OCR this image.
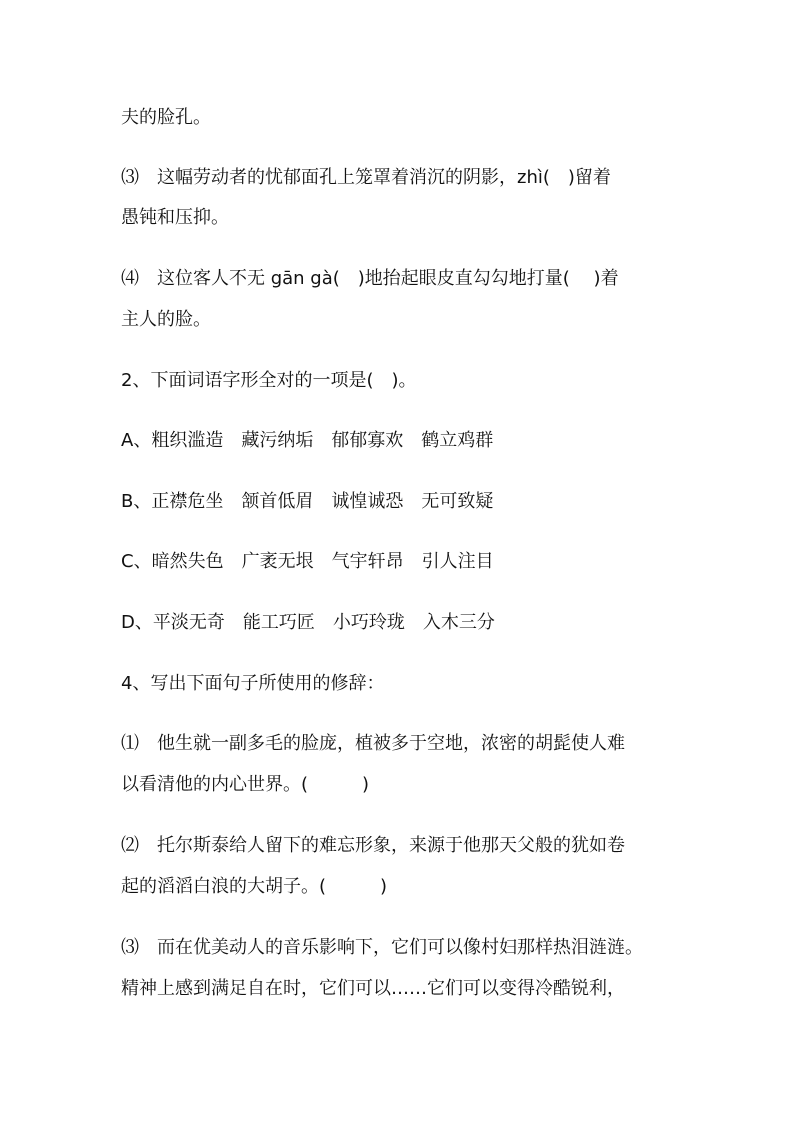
夫的脸孔。
⑶　这幅劳动者的忧郁面孔上笼罩着消沉的阴影，zhì(　)留着
愚钝和压抑。
⑷　这位客人不无 gān gà(　)地抬起眼皮直勾勾地打量(　 )着
主人的脸。
2、下面词语字形全对的一项是(　)。
A、粗织滥造　藏污纳垢　郁郁寡欢　鹤立鸡群
B、正襟危坐　颔首低眉　诚惶诚恐　无可致疑
C、暗然失色　广袤无垠　气宇轩昂　引人注目
D、平淡无奇　能工巧匠　小巧玲珑　入木三分
4、写出下面句子所使用的修辞：
⑴　他生就一副多毛的脸庞，植被多于空地，浓密的胡髭使人难
以看清他的内心世界。(　　　)
⑵　托尔斯泰给人留下的难忘形象，来源于他那天父般的犹如卷
起的滔滔白浪的大胡子。(　　　)
⑶　而在优美动人的音乐影响下，它们可以像村妇那样热泪涟涟。
精神上感到满足自在时，它们可以……它们可以变得冷酷锐利，
